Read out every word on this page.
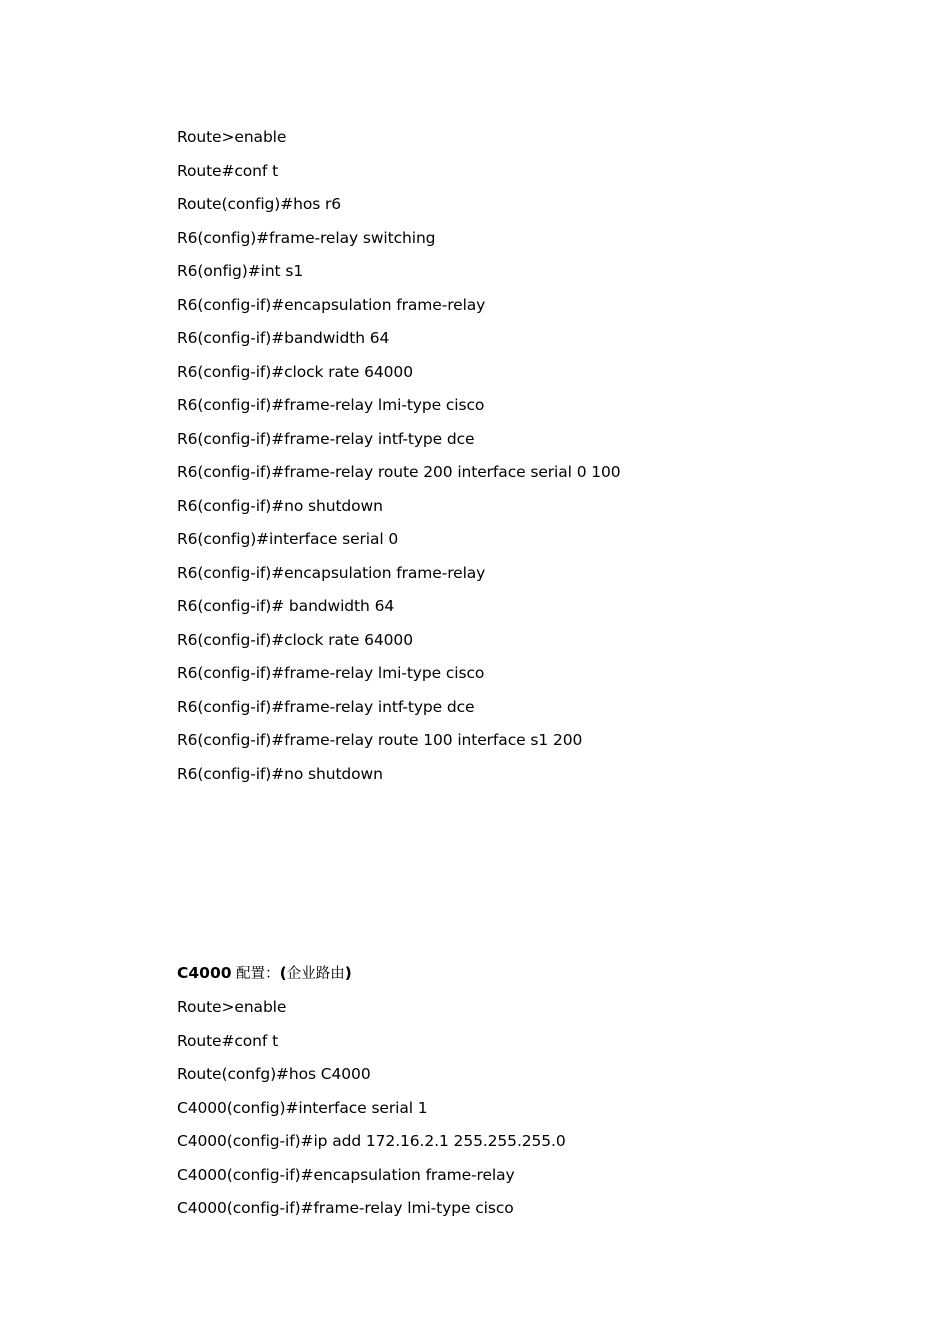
Route>enable
Route#conf t
Route(config)#hos r6
R6(config)#frame-relay switching
R6(onfig)#int s1
R6(config-if)#encapsulation frame-relay
R6(config-if)#bandwidth 64
R6(config-if)#clock rate 64000
R6(config-if)#frame-relay lmi-type cisco
R6(config-if)#frame-relay intf-type dce
R6(config-if)#frame-relay route 200 interface serial 0 100
R6(config-if)#no shutdown
R6(config)#interface serial 0
R6(config-if)#encapsulation frame-relay
R6(config-if)# bandwidth 64
R6(config-if)#clock rate 64000
R6(config-if)#frame-relay lmi-type cisco
R6(config-if)#frame-relay intf-type dce
R6(config-if)#frame-relay route 100 interface s1 200
R6(config-if)#no shutdown
C4000 配置：(企业路由)
Route>enable
Route#conf t
Route(confg)#hos C4000
C4000(config)#interface serial 1
C4000(config-if)#ip add 172.16.2.1 255.255.255.0
C4000(config-if)#encapsulation frame-relay
C4000(config-if)#frame-relay lmi-type cisco
